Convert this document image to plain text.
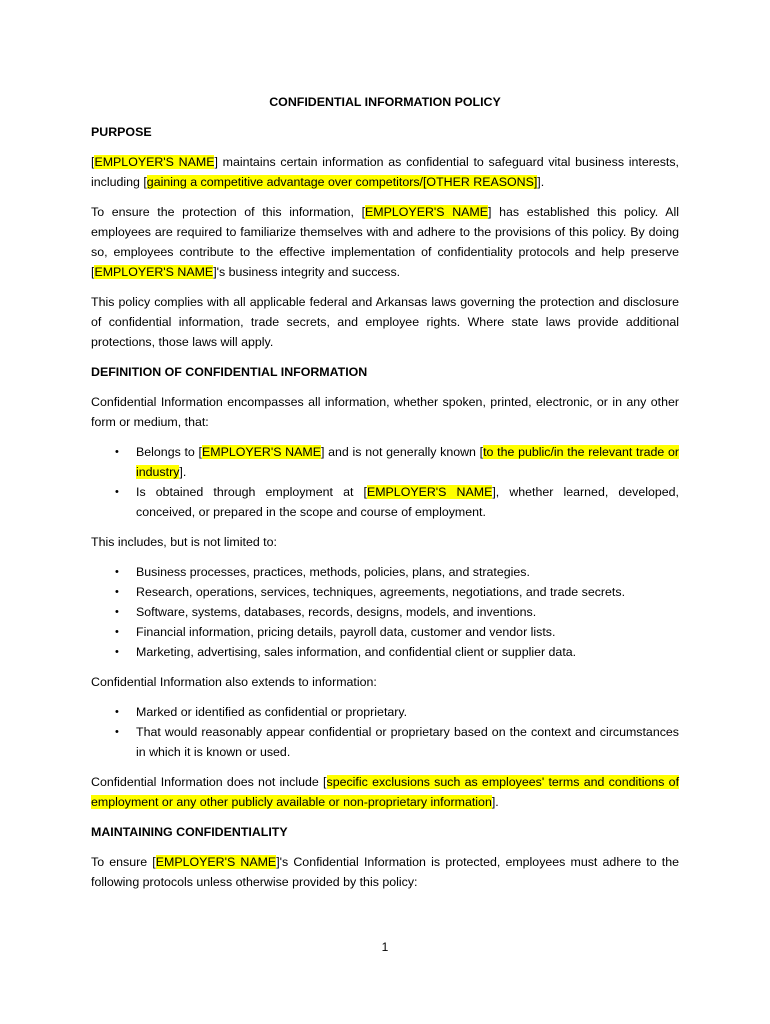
CONFIDENTIAL INFORMATION POLICY
PURPOSE

[EMPLOYER'S NAME] maintains certain information as confidential to safeguard vital business interests, including [gaining a competitive advantage over competitors/[OTHER REASONS]].

To ensure the protection of this information, [EMPLOYER'S NAME] has established this policy. All employees are required to familiarize themselves with and adhere to the provisions of this policy. By doing so, employees contribute to the effective implementation of confidentiality protocols and help preserve [EMPLOYER'S NAME]'s business integrity and success.

This policy complies with all applicable federal and Arkansas laws governing the protection and disclosure of confidential information, trade secrets, and employee rights. Where state laws provide additional protections, those laws will apply.

DEFINITION OF CONFIDENTIAL INFORMATION

Confidential Information encompasses all information, whether spoken, printed, electronic, or in any other form or medium, that:

• Belongs to [EMPLOYER'S NAME] and is not generally known [to the public/in the relevant trade or industry].
• Is obtained through employment at [EMPLOYER'S NAME], whether learned, developed, conceived, or prepared in the scope and course of employment.

This includes, but is not limited to:

• Business processes, practices, methods, policies, plans, and strategies.
• Research, operations, services, techniques, agreements, negotiations, and trade secrets.
• Software, systems, databases, records, designs, models, and inventions.
• Financial information, pricing details, payroll data, customer and vendor lists.
• Marketing, advertising, sales information, and confidential client or supplier data.

Confidential Information also extends to information:

• Marked or identified as confidential or proprietary.
• That would reasonably appear confidential or proprietary based on the context and circumstances in which it is known or used.

Confidential Information does not include [specific exclusions such as employees' terms and conditions of employment or any other publicly available or non-proprietary information].

MAINTAINING CONFIDENTIALITY

To ensure [EMPLOYER'S NAME]'s Confidential Information is protected, employees must adhere to the following protocols unless otherwise provided by this policy:

1
